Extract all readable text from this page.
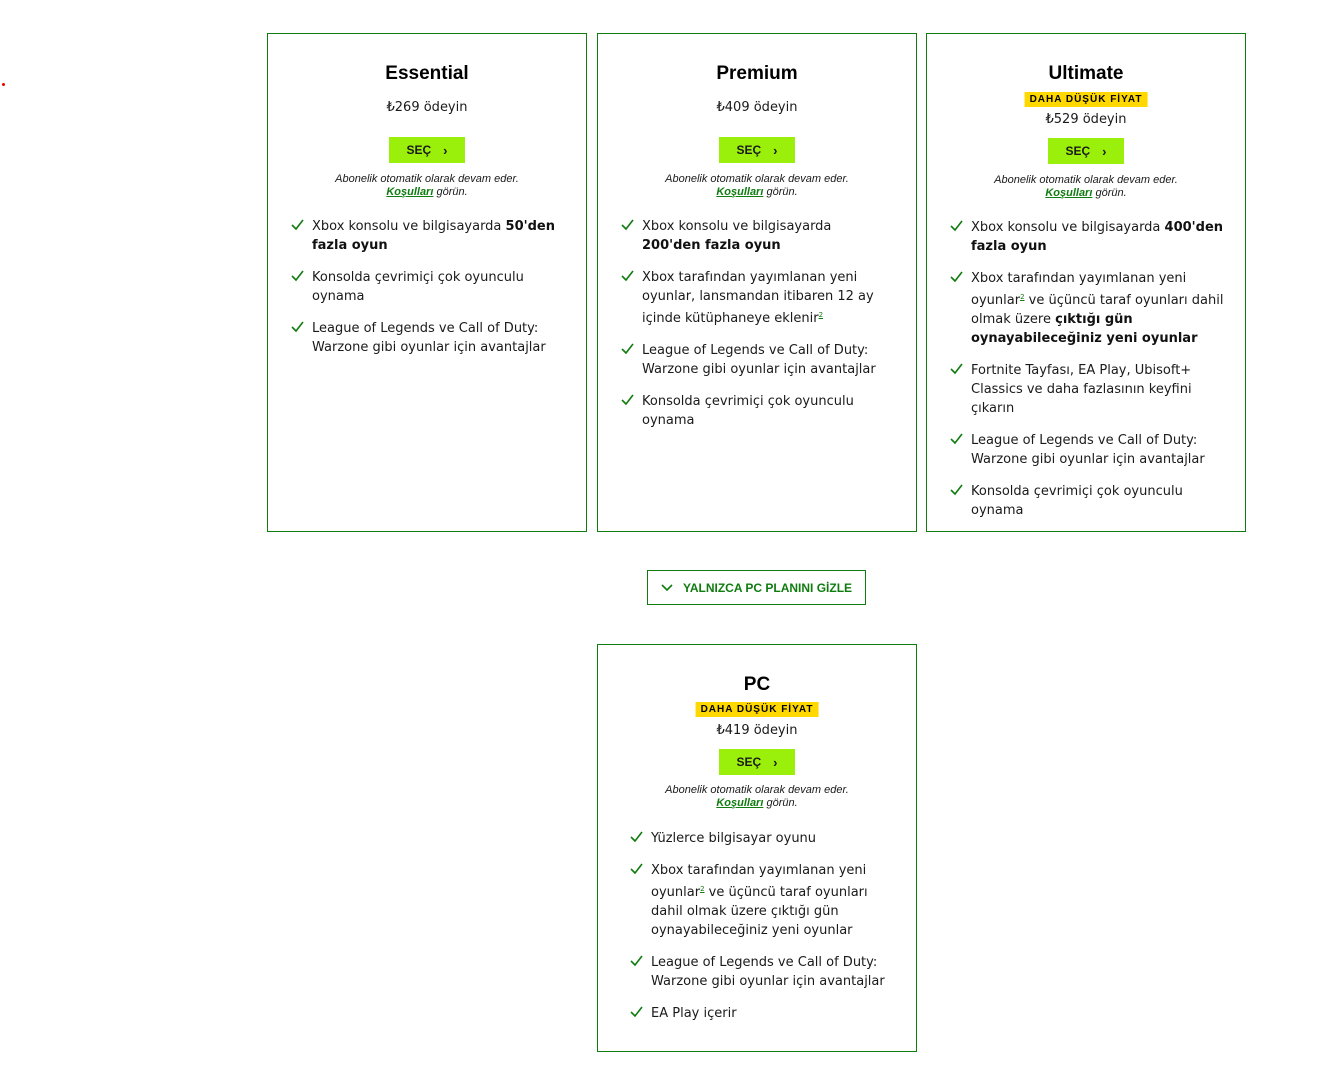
Essential
₺269 ödeyin
SEÇ ›
Abonelik otomatik olarak devam eder.
Koşulları görün.
Xbox konsolu ve bilgisayarda 50'den fazla oyun
Konsolda çevrimiçi çok oyunculu oynama
League of Legends ve Call of Duty: Warzone gibi oyunlar için avantajlar
Premium
₺409 ödeyin
SEÇ ›
Abonelik otomatik olarak devam eder.
Koşulları görün.
Xbox konsolu ve bilgisayarda 200'den fazla oyun
Xbox tarafından yayımlanan yeni oyunlar, lansmandan itibaren 12 ay içinde kütüphaneye eklenir$^2$
League of Legends ve Call of Duty: Warzone gibi oyunlar için avantajlar
Konsolda çevrimiçi çok oyunculu oynama
Ultimate
DAHA DÜŞÜK FİYAT
₺529 ödeyin
SEÇ ›
Abonelik otomatik olarak devam eder.
Koşulları görün.
Xbox konsolu ve bilgisayarda 400'den fazla oyun
Xbox tarafından yayımlanan yeni oyunlar$^2$ ve üçüncü taraf oyunları dahil olmak üzere çıktığı gün oynayabileceğiniz yeni oyunlar
Fortnite Tayfası, EA Play, Ubisoft+ Classics ve daha fazlasının keyfini çıkarın
League of Legends ve Call of Duty: Warzone gibi oyunlar için avantajlar
Konsolda çevrimiçi çok oyunculu oynama
YALNIZCA PC PLANINI GİZLE
PC
DAHA DÜŞÜK FİYAT
₺419 ödeyin
SEÇ ›
Abonelik otomatik olarak devam eder.
Koşulları görün.
Yüzlerce bilgisayar oyunu
Xbox tarafından yayımlanan yeni oyunlar$^2$ ve üçüncü taraf oyunları dahil olmak üzere çıktığı gün oynayabileceğiniz yeni oyunlar
League of Legends ve Call of Duty: Warzone gibi oyunlar için avantajlar
EA Play içerir
